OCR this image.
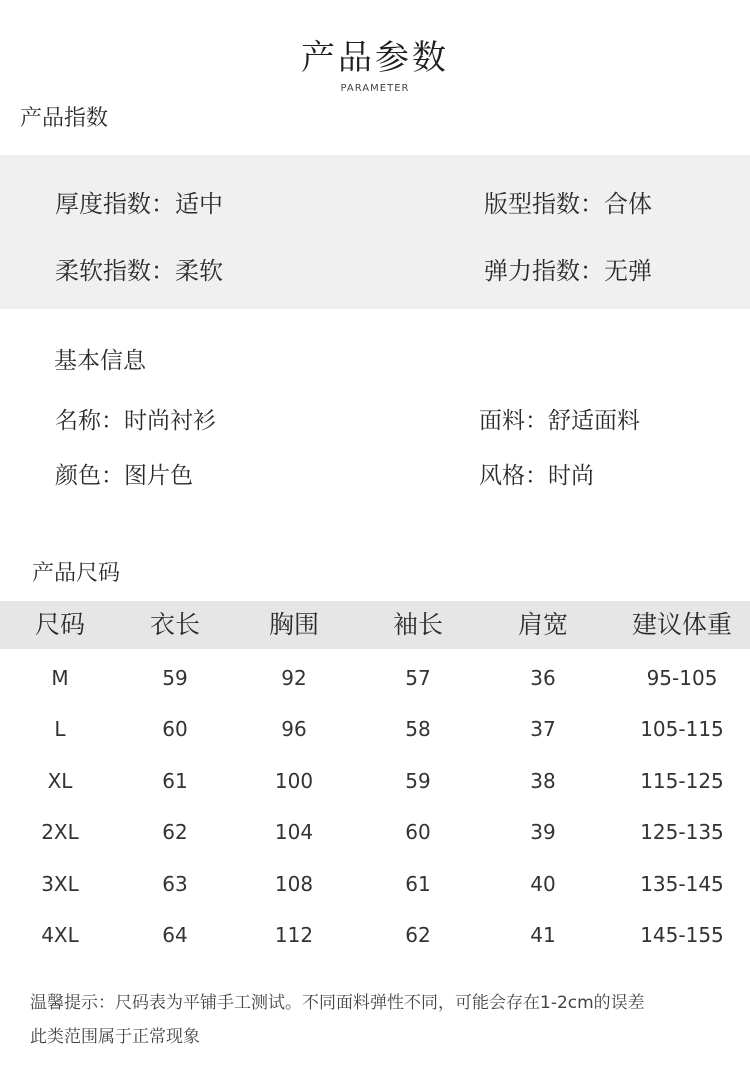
产品参数
PARAMETER
产品指数
厚度指数：适中	版型指数：合体
柔软指数：柔软	弹力指数：无弹
基本信息
名称：时尚衬衫	面料：舒适面料
颜色：图片色	风格：时尚
产品尺码
尺码	衣长	胸围	袖长	肩宽	建议体重
M	59	92	57	36	95-105
L	60	96	58	37	105-115
XL	61	100	59	38	115-125
2XL	62	104	60	39	125-135
3XL	63	108	61	40	135-145
4XL	64	112	62	41	145-155
温馨提示：尺码表为平铺手工测试。不同面料弹性不同，可能会存在1-2cm的误差
此类范围属于正常现象
